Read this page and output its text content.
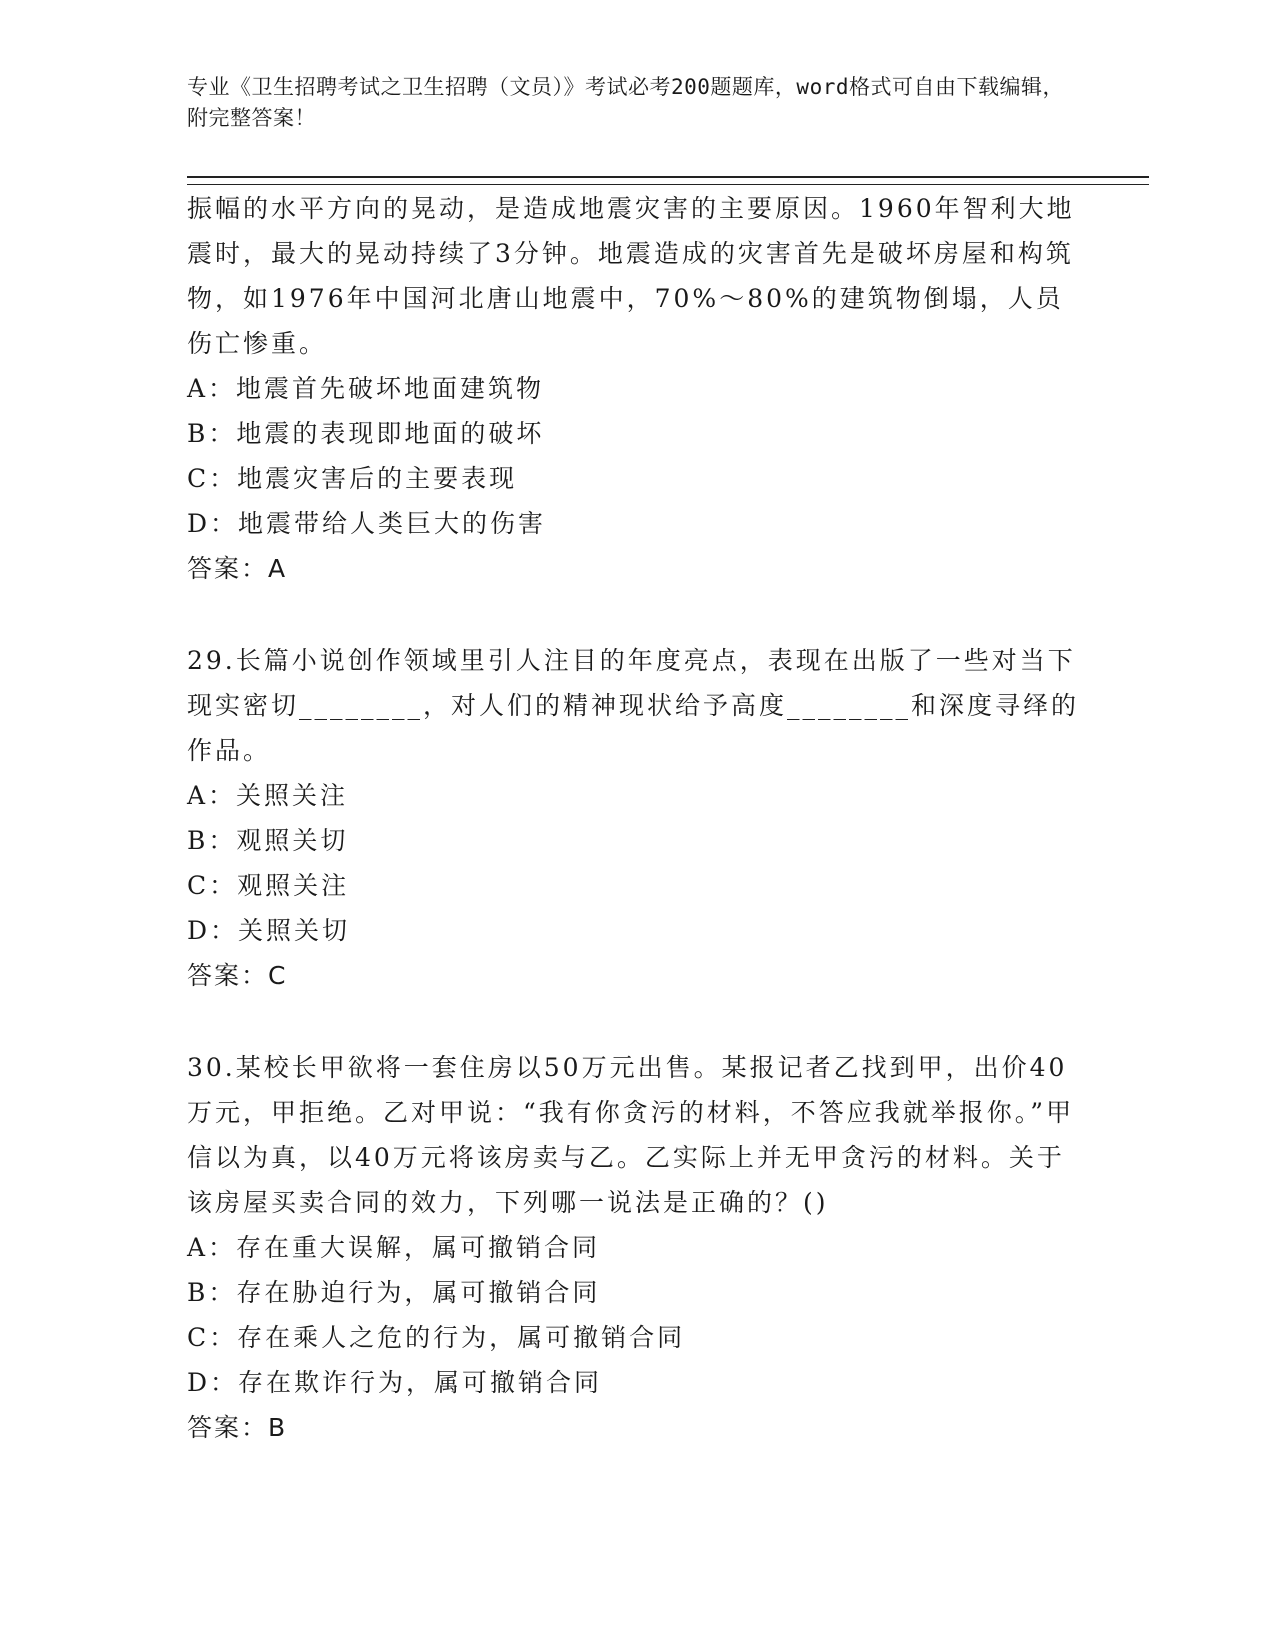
专业《卫生招聘考试之卫生招聘（文员）》考试必考200题题库，word格式可自由下载编辑，附完整答案！

振幅的水平方向的晃动，是造成地震灾害的主要原因。1960年智利大地震时，最大的晃动持续了3分钟。地震造成的灾害首先是破坏房屋和构筑物，如1976年中国河北唐山地震中，70%～80%的建筑物倒塌，人员伤亡惨重。

A：地震首先破坏地面建筑物

B：地震的表现即地面的破坏

C：地震灾害后的主要表现

D：地震带给人类巨大的伤害

答案：A

29.长篇小说创作领域里引人注目的年度亮点，表现在出版了一些对当下现实密切________，对人们的精神现状给予高度________和深度寻绎的作品。

A：关照关注

B：观照关切

C：观照关注

D：关照关切

答案：C

30.某校长甲欲将一套住房以50万元出售。某报记者乙找到甲，出价40万元，甲拒绝。乙对甲说：“我有你贪污的材料，不答应我就举报你。”甲信以为真，以40万元将该房卖与乙。乙实际上并无甲贪污的材料。关于该房屋买卖合同的效力，下列哪一说法是正确的？()

A：存在重大误解，属可撤销合同

B：存在胁迫行为，属可撤销合同

C：存在乘人之危的行为，属可撤销合同

D：存在欺诈行为，属可撤销合同

答案：B
